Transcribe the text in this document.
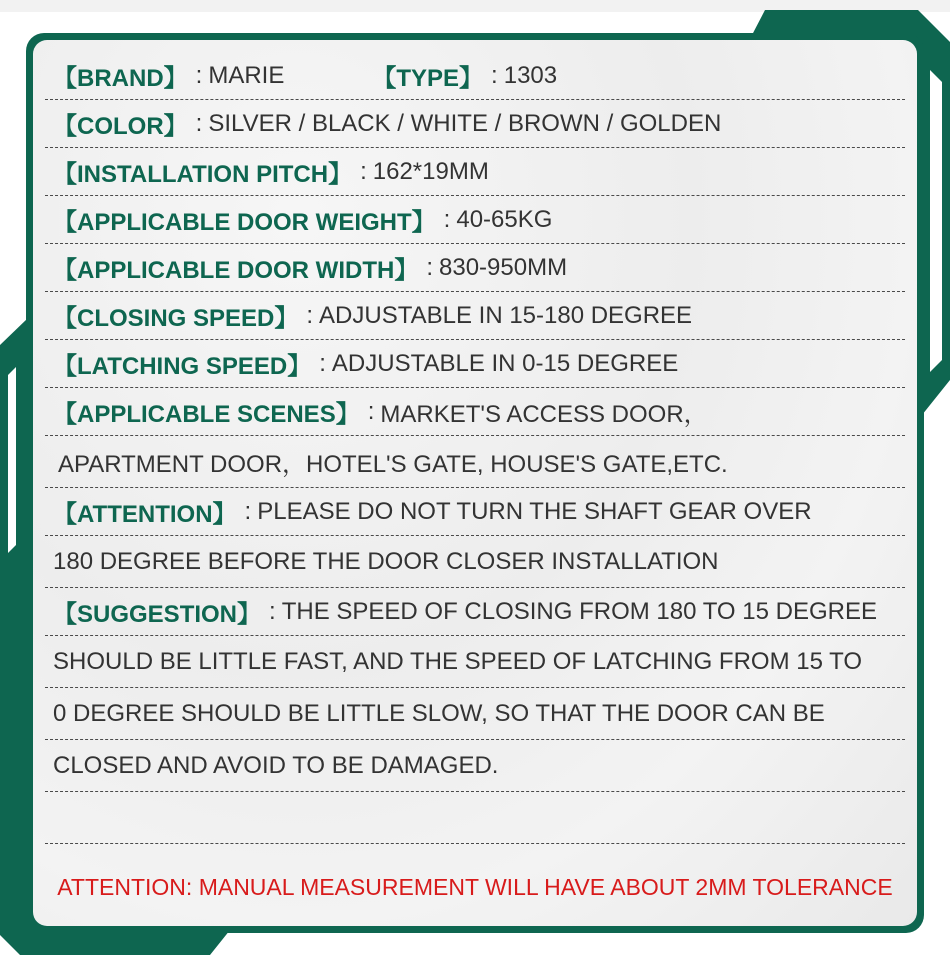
【BRAND】 : MARIE	【TYPE】 : 1303
【COLOR】 : SILVER / BLACK / WHITE / BROWN / GOLDEN
【INSTALLATION PITCH】 : 162*19MM
【APPLICABLE DOOR WEIGHT】 : 40-65KG
【APPLICABLE DOOR WIDTH】 : 830-950MM
【CLOSING SPEED】 : ADJUSTABLE IN 15-180 DEGREE
【LATCHING SPEED】 : ADJUSTABLE IN 0-15 DEGREE
【APPLICABLE SCENES】 : MARKET'S ACCESS DOOR，
APARTMENT DOOR，HOTEL'S GATE, HOUSE'S GATE,ETC.
【ATTENTION】 : PLEASE DO NOT TURN THE SHAFT GEAR OVER
180 DEGREE BEFORE THE DOOR CLOSER INSTALLATION
【SUGGESTION】 : THE SPEED OF CLOSING FROM 180 TO 15 DEGREE
SHOULD BE LITTLE FAST, AND THE SPEED OF LATCHING FROM 15 TO
0 DEGREE SHOULD BE LITTLE SLOW, SO THAT THE DOOR CAN BE
CLOSED AND AVOID TO BE DAMAGED.
ATTENTION: MANUAL MEASUREMENT WILL HAVE ABOUT 2MM TOLERANCE
